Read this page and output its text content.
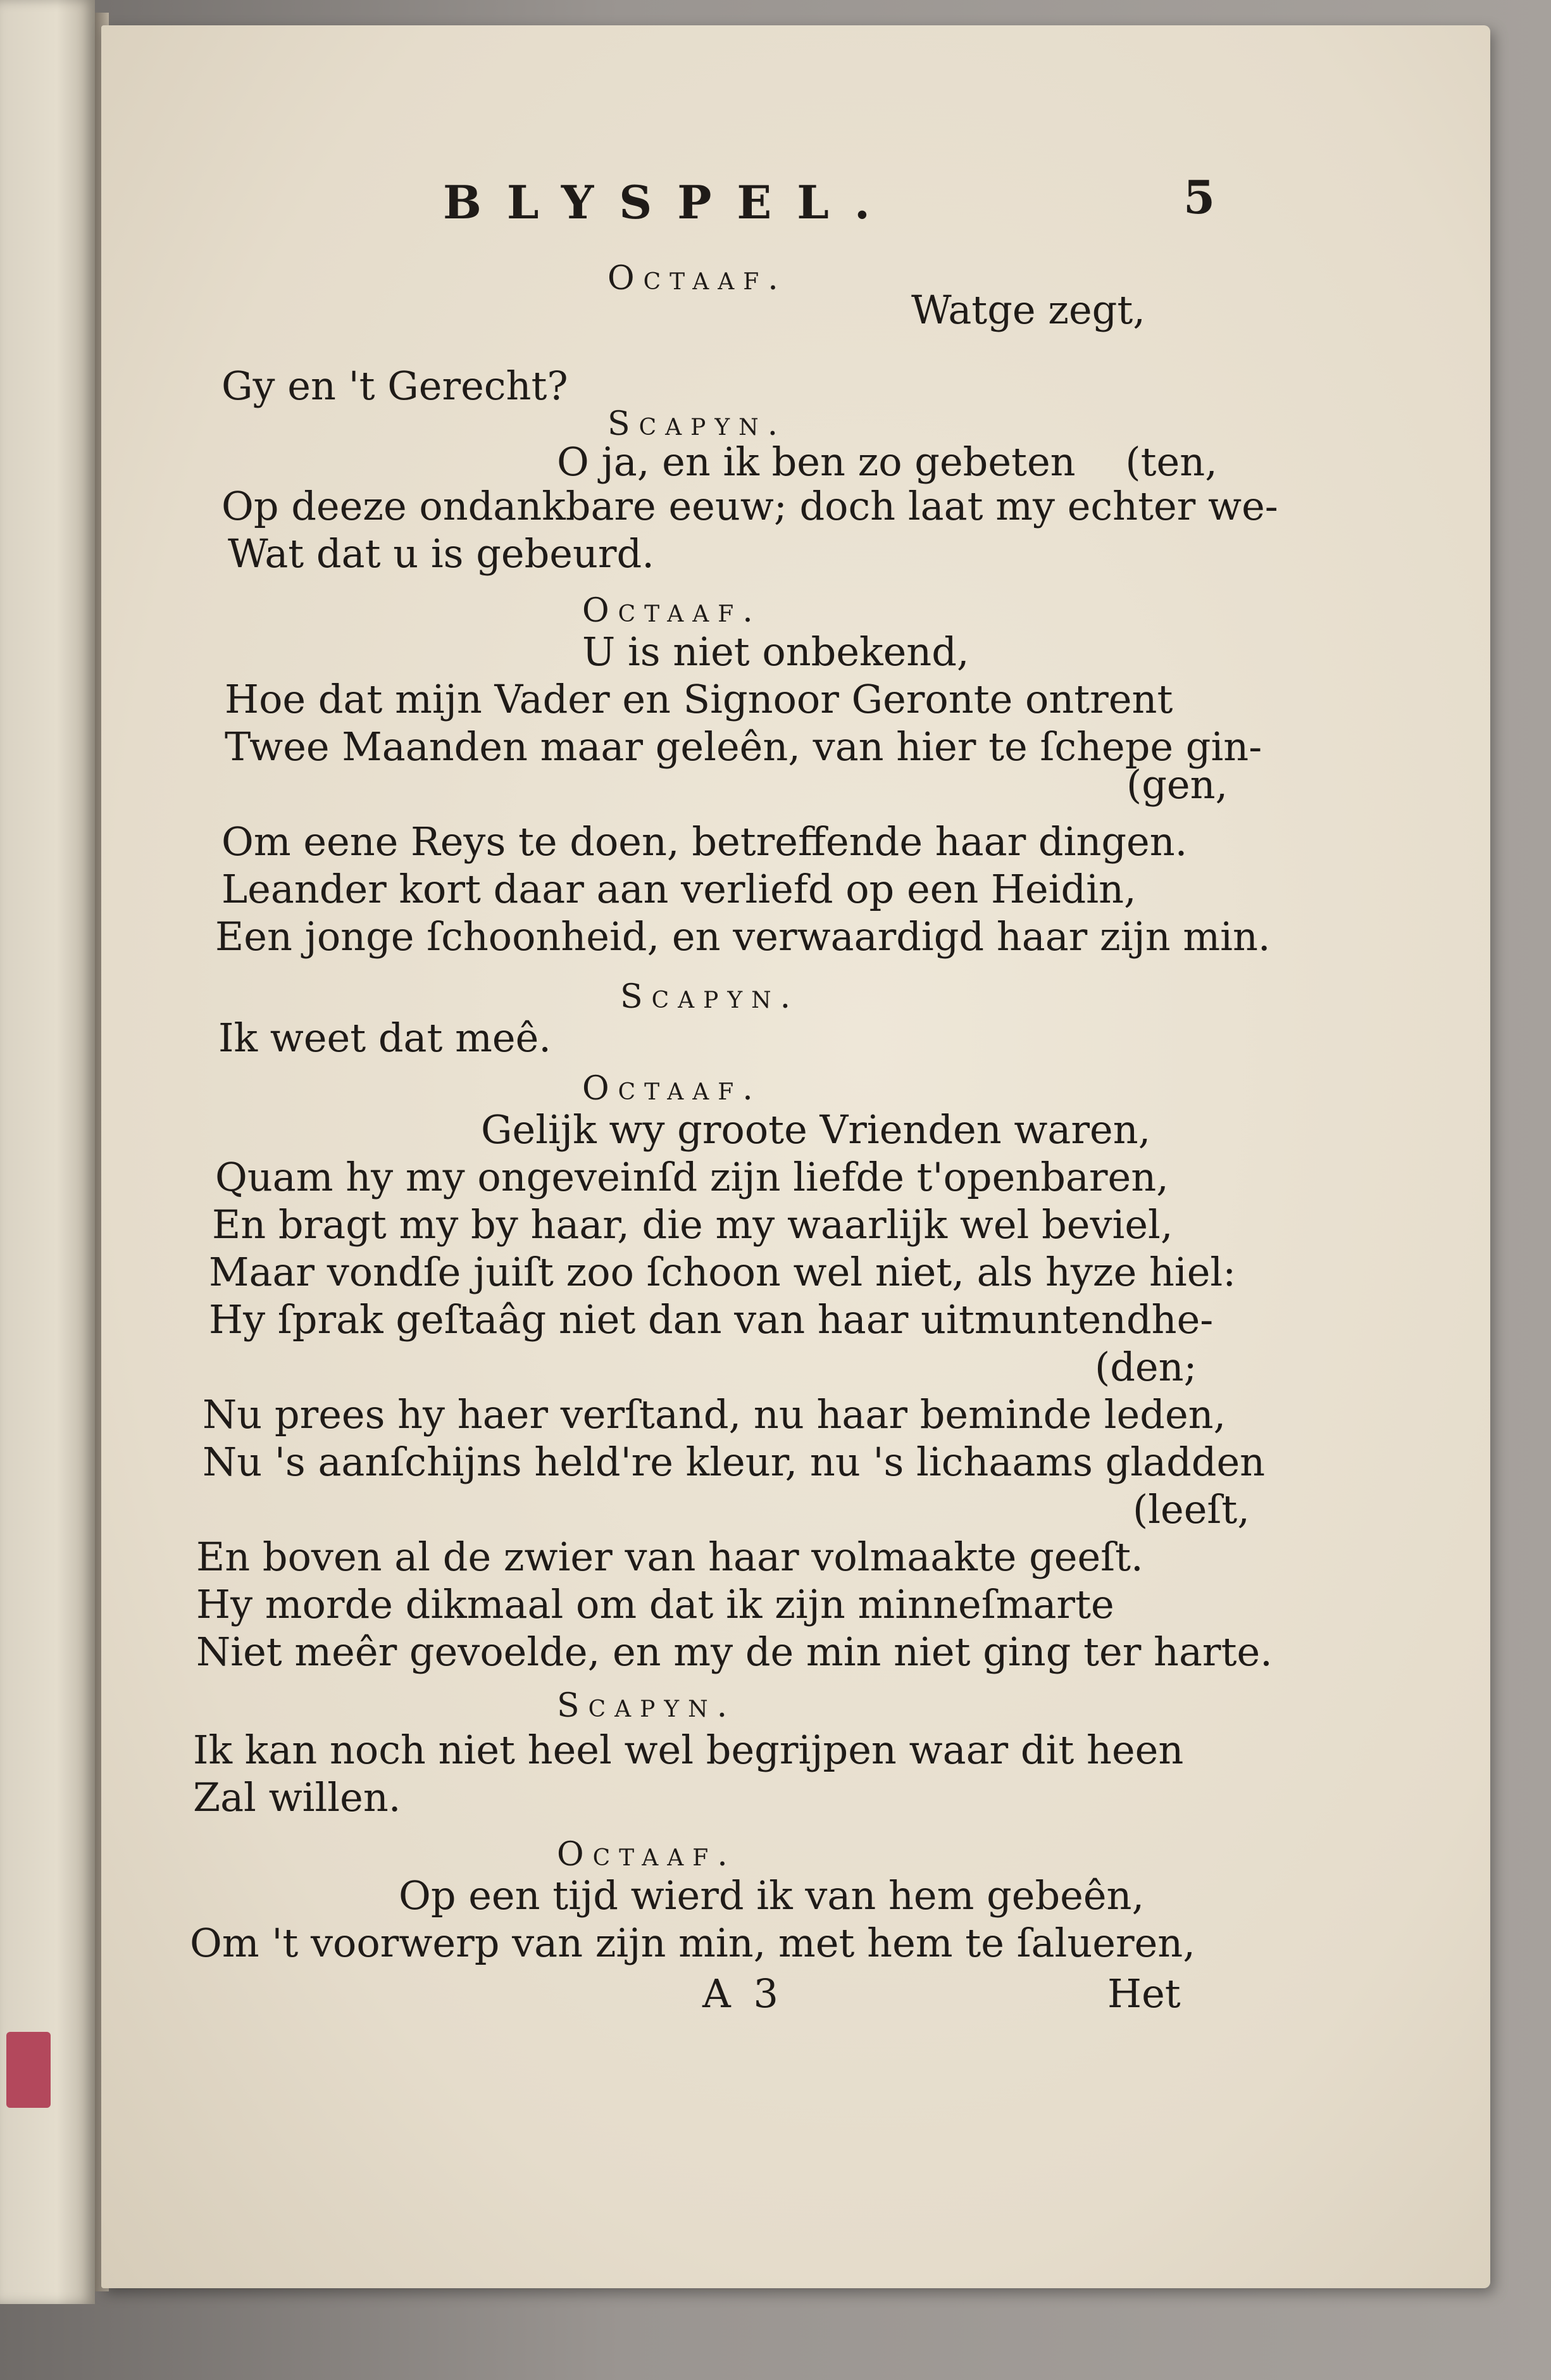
BLYSPEL.	5
Octaaf.
Watge zegt,
Gy en 't Gerecht?
Scapyn.
O ja, en ik ben zo gebeten    (ten,
Op deeze ondankbare eeuw; doch laat my echter we-
Wat dat u is gebeurd.
Octaaf.
U is niet onbekend,
Hoe dat mijn Vader en Signoor Geronte ontrent
Twee Maanden maar geleên, van hier te ſchepe gin-
(gen,
Om eene Reys te doen, betreffende haar dingen.
Leander kort daar aan verliefd op een Heidin,
Een jonge ſchoonheid, en verwaardigd haar zijn min.
Scapyn.
Ik weet dat meê.
Octaaf.
Gelijk wy groote Vrienden waren,
Quam hy my ongeveinſd zijn liefde t'openbaren,
En bragt my by haar, die my waarlijk wel beviel,
Maar vondſe juiſt zoo ſchoon wel niet, als hyze hiel:
Hy ſprak geſtaâg niet dan van haar uitmuntendhe-
(den;
Nu prees hy haer verſtand, nu haar beminde leden,
Nu 's aanſchijns held're kleur, nu 's lichaams gladden
(leeſt,
En boven al de zwier van haar volmaakte geeſt.
Hy morde dikmaal om dat ik zijn minneſmarte
Niet meêr gevoelde, en my de min niet ging ter harte.
Scapyn.
Ik kan noch niet heel wel begrijpen waar dit heen
Zal willen.
Octaaf.
Op een tijd wierd ik van hem gebeên,
Om 't voorwerp van zijn min, met hem te ſalueren,
A 3	Het
